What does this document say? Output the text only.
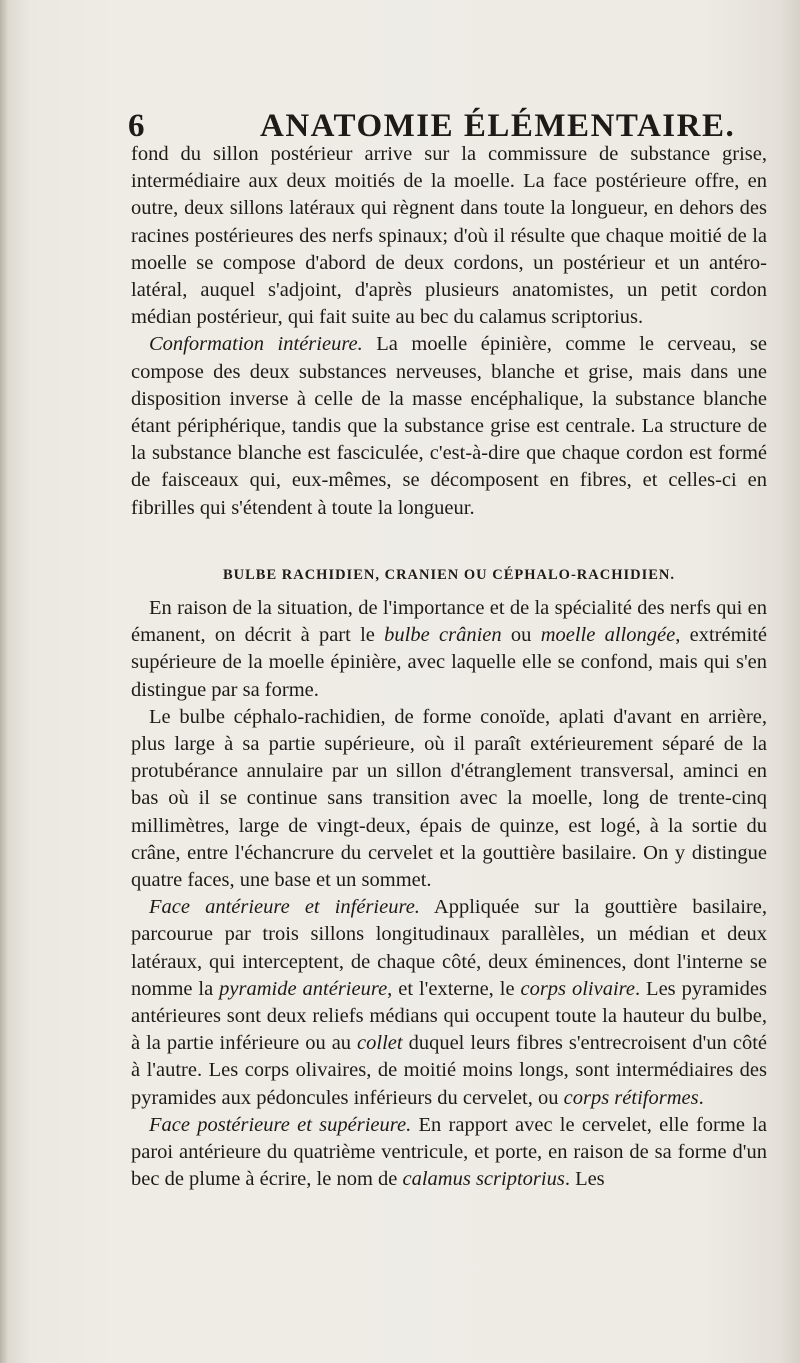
6	ANATOMIE ÉLÉMENTAIRE.

fond du sillon postérieur arrive sur la commissure de substance grise, intermédiaire aux deux moitiés de la moelle. La face postérieure offre, en outre, deux sillons latéraux qui règnent dans toute la longueur, en dehors des racines postérieures des nerfs spinaux; d'où il résulte que chaque moitié de la moelle se compose d'abord de deux cordons, un postérieur et un antéro-latéral, auquel s'adjoint, d'après plusieurs anatomistes, un petit cordon médian postérieur, qui fait suite au bec du calamus scriptorius.

Conformation intérieure. La moelle épinière, comme le cerveau, se compose des deux substances nerveuses, blanche et grise, mais dans une disposition inverse à celle de la masse encéphalique, la substance blanche étant périphérique, tandis que la substance grise est centrale. La structure de la substance blanche est fasciculée, c'est-à-dire que chaque cordon est formé de faisceaux qui, eux-mêmes, se décomposent en fibres, et celles-ci en fibrilles qui s'étendent à toute la longueur.

BULBE RACHIDIEN, CRANIEN OU CÉPHALO-RACHIDIEN.

En raison de la situation, de l'importance et de la spécialité des nerfs qui en émanent, on décrit à part le bulbe crânien ou moelle allongée, extrémité supérieure de la moelle épinière, avec laquelle elle se confond, mais qui s'en distingue par sa forme.

Le bulbe céphalo-rachidien, de forme conoïde, aplati d'avant en arrière, plus large à sa partie supérieure, où il paraît extérieurement séparé de la protubérance annulaire par un sillon d'étranglement transversal, aminci en bas où il se continue sans transition avec la moelle, long de trente-cinq millimètres, large de vingt-deux, épais de quinze, est logé, à la sortie du crâne, entre l'échancrure du cervelet et la gouttière basilaire. On y distingue quatre faces, une base et un sommet.

Face antérieure et inférieure. Appliquée sur la gouttière basilaire, parcourue par trois sillons longitudinaux parallèles, un médian et deux latéraux, qui interceptent, de chaque côté, deux éminences, dont l'interne se nomme la pyramide antérieure, et l'externe, le corps olivaire. Les pyramides antérieures sont deux reliefs médians qui occupent toute la hauteur du bulbe, à la partie inférieure ou au collet duquel leurs fibres s'entrecroisent d'un côté à l'autre. Les corps olivaires, de moitié moins longs, sont intermédiaires des pyramides aux pédoncules inférieurs du cervelet, ou corps rétiformes.

Face postérieure et supérieure. En rapport avec le cervelet, elle forme la paroi antérieure du quatrième ventricule, et porte, en raison de sa forme d'un bec de plume à écrire, le nom de calamus scriptorius. Les
